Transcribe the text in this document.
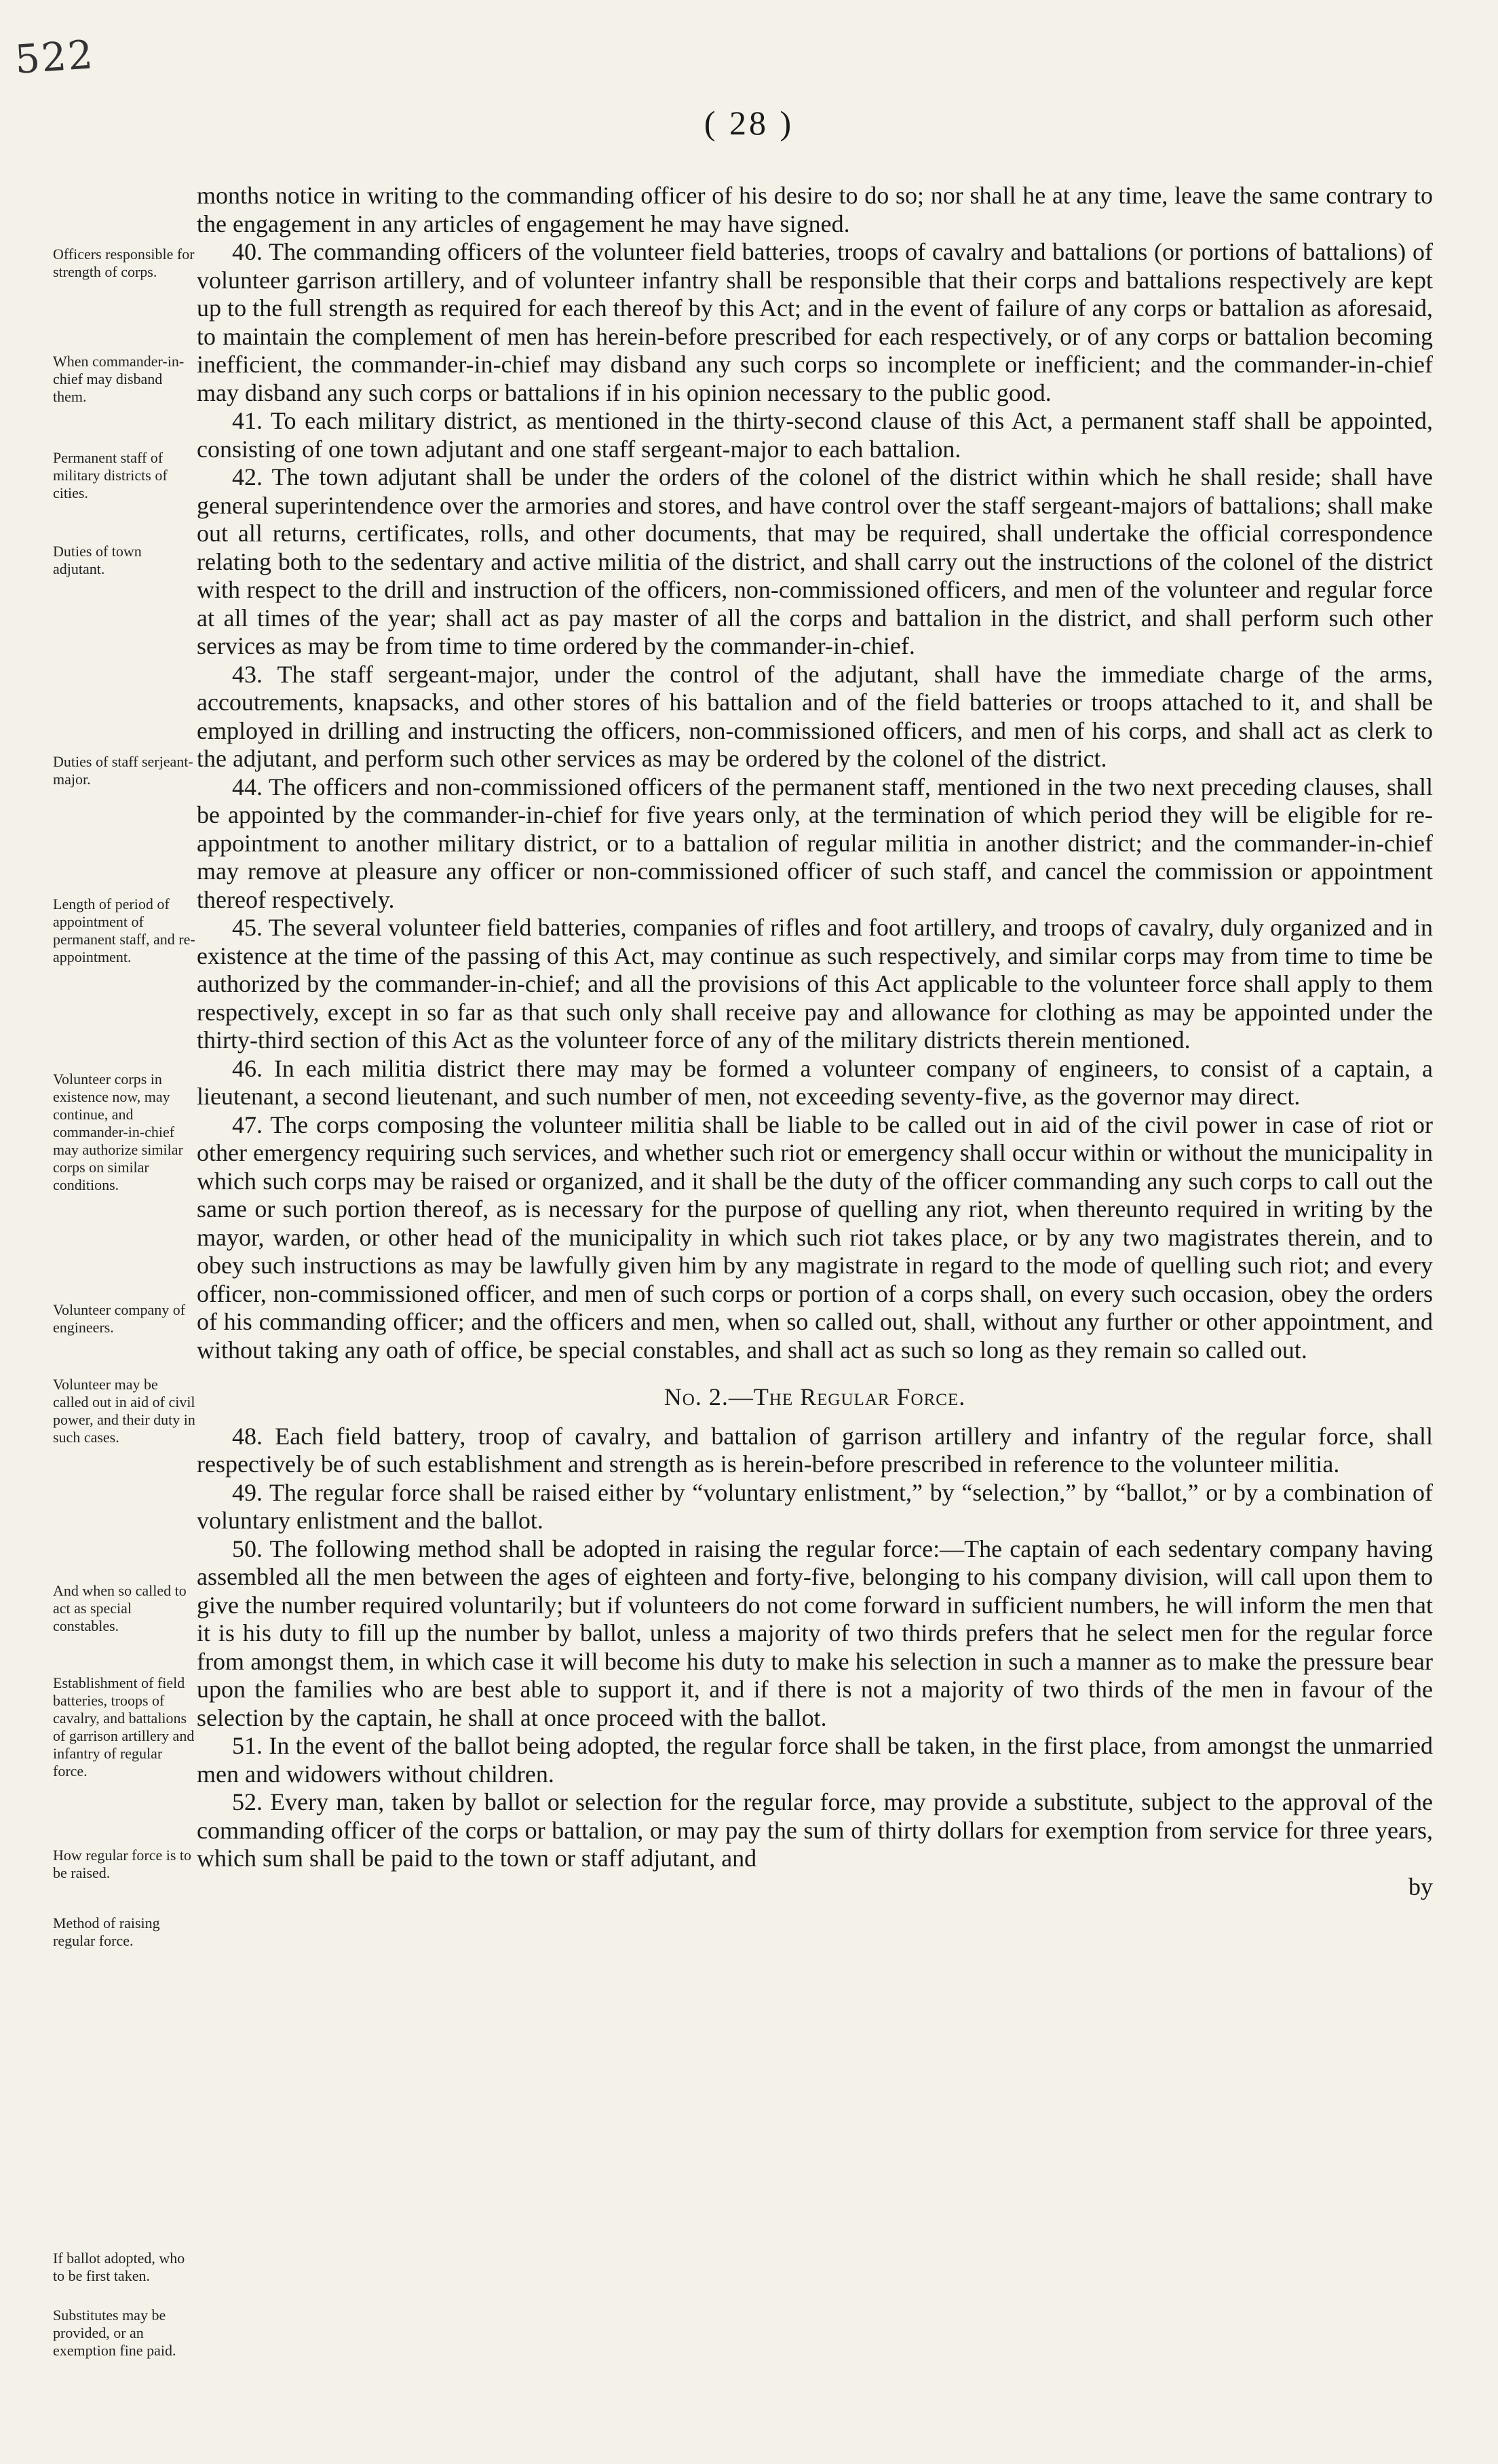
522
( 28 )

months notice in writing to the commanding officer of his desire to do so; nor shall he at any time, leave the same contrary to the engagement in any articles of engagement he may have signed.

40. The commanding officers of the volunteer field batteries, troops of cavalry and battalions (or portions of battalions) of volunteer garrison artillery, and of volunteer infantry shall be responsible that their corps and battalions respectively are kept up to the full strength as required for each thereof by this Act; and in the event of failure of any corps or battalion as aforesaid, to maintain the complement of men has herein-before prescribed for each respectively, or of any corps or battalion becoming inefficient, the commander-in-chief may disband any such corps so incomplete or inefficient; and the commander-in-chief may disband any such corps or battalions if in his opinion necessary to the public good.

41. To each military district, as mentioned in the thirty-second clause of this Act, a permanent staff shall be appointed, consisting of one town adjutant and one staff sergeant-major to each battalion.

42. The town adjutant shall be under the orders of the colonel of the district within which he shall reside; shall have general superintendence over the armories and stores, and have control over the staff sergeant-majors of battalions; shall make out all returns, certificates, rolls, and other documents, that may be required, shall undertake the official correspondence relating both to the sedentary and active militia of the district, and shall carry out the instructions of the colonel of the district with respect to the drill and instruction of the officers, non-commissioned officers, and men of the volunteer and regular force at all times of the year; shall act as pay master of all the corps and battalion in the district, and shall perform such other services as may be from time to time ordered by the commander-in-chief.

43. The staff sergeant-major, under the control of the adjutant, shall have the immediate charge of the arms, accoutrements, knapsacks, and other stores of his battalion and of the field batteries or troops attached to it, and shall be employed in drilling and instructing the officers, non-commissioned officers, and men of his corps, and shall act as clerk to the adjutant, and perform such other services as may be ordered by the colonel of the district.

44. The officers and non-commissioned officers of the permanent staff, mentioned in the two next preceding clauses, shall be appointed by the commander-in-chief for five years only, at the termination of which period they will be eligible for re-appointment to another military district, or to a battalion of regular militia in another district; and the commander-in-chief may remove at pleasure any officer or non-commissioned officer of such staff, and cancel the commission or appointment thereof respectively.

45. The several volunteer field batteries, companies of rifles and foot artillery, and troops of cavalry, duly organized and in existence at the time of the passing of this Act, may continue as such respectively, and similar corps may from time to time be authorized by the commander-in-chief; and all the provisions of this Act applicable to the volunteer force shall apply to them respectively, except in so far as that such only shall receive pay and allowance for clothing as may be appointed under the thirty-third section of this Act as the volunteer force of any of the military districts therein mentioned.

46. In each militia district there may may be formed a volunteer company of engineers, to consist of a captain, a lieutenant, a second lieutenant, and such number of men, not exceeding seventy-five, as the governor may direct.

47. The corps composing the volunteer militia shall be liable to be called out in aid of the civil power in case of riot or other emergency requiring such services, and whether such riot or emergency shall occur within or without the municipality in which such corps may be raised or organized, and it shall be the duty of the officer commanding any such corps to call out the same or such portion thereof, as is necessary for the purpose of quelling any riot, when thereunto required in writing by the mayor, warden, or other head of the municipality in which such riot takes place, or by any two magistrates therein, and to obey such instructions as may be lawfully given him by any magistrate in regard to the mode of quelling such riot; and every officer, non-commissioned officer, and men of such corps or portion of a corps shall, on every such occasion, obey the orders of his commanding officer; and the officers and men, when so called out, shall, without any further or other appointment, and without taking any oath of office, be special constables, and shall act as such so long as they remain so called out.

No. 2.—The Regular Force.

48. Each field battery, troop of cavalry, and battalion of garrison artillery and infantry of the regular force, shall respectively be of such establishment and strength as is herein-before prescribed in reference to the volunteer militia.

49. The regular force shall be raised either by “voluntary enlistment,” by “selection,” by “ballot,” or by a combination of voluntary enlistment and the ballot.

50. The following method shall be adopted in raising the regular force:—The captain of each sedentary company having assembled all the men between the ages of eighteen and forty-five, belonging to his company division, will call upon them to give the number required voluntarily; but if volunteers do not come forward in sufficient numbers, he will inform the men that it is his duty to fill up the number by ballot, unless a majority of two thirds prefers that he select men for the regular force from amongst them, in which case it will become his duty to make his selection in such a manner as to make the pressure bear upon the families who are best able to support it, and if there is not a majority of two thirds of the men in favour of the selection by the captain, he shall at once proceed with the ballot.

51. In the event of the ballot being adopted, the regular force shall be taken, in the first place, from amongst the unmarried men and widowers without children.

52. Every man, taken by ballot or selection for the regular force, may provide a substitute, subject to the approval of the commanding officer of the corps or battalion, or may pay the sum of thirty dollars for exemption from service for three years, which sum shall be paid to the town or staff adjutant, and

by

Officers responsible for strength of corps.
When commander-in-chief may disband them.
Permanent staff of military districts of cities.
Duties of town adjutant.
Duties of staff serjeant-major.
Length of period of appointment of permanent staff, and re-appointment.
Volunteer corps in existence now, may continue, and commander-in-chief may authorize similar corps on similar conditions.
Volunteer company of engineers.
Volunteer may be called out in aid of civil power, and their duty in such cases.
And when so called to act as special constables.
Establishment of field batteries, troops of cavalry, and battalions of garrison artillery and infantry of regular force.
How regular force is to be raised.
Method of raising regular force.
If ballot adopted, who to be first taken.
Substitutes may be provided, or an exemption fine paid.
